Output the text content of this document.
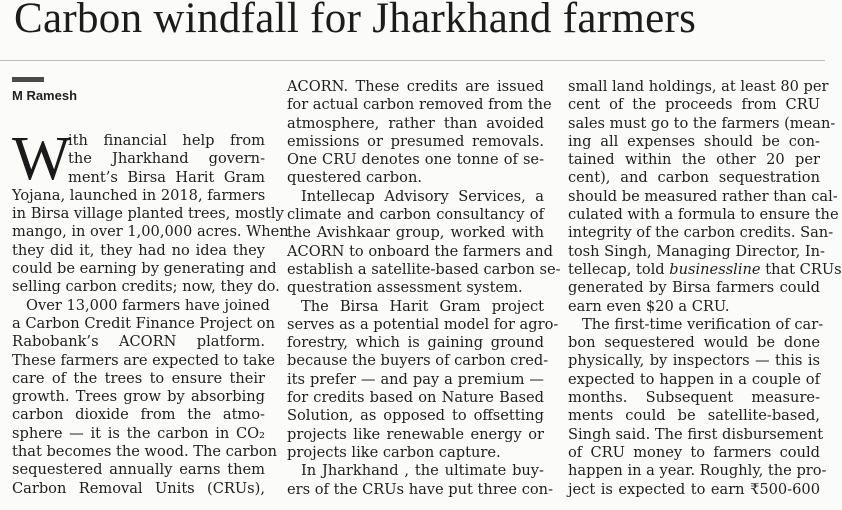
Carbon windfall for Jharkhand farmers
M Ramesh
W
ith financial help from
the Jharkhand govern-
ment’s Birsa Harit Gram
Yojana, launched in 2018, farmers
in Birsa village planted trees, mostly
mango, in over 1,00,000 acres. When
they did it, they had no idea they
could be earning by generating and
selling carbon credits; now, they do.
Over 13,000 farmers have joined
a Carbon Credit Finance Project on
Rabobank’s ACORN platform.
These farmers are expected to take
care of the trees to ensure their
growth. Trees grow by absorbing
carbon dioxide from the atmo-
sphere — it is the carbon in CO₂
that becomes the wood. The carbon
sequestered annually earns them
Carbon Removal Units (CRUs),
ACORN. These credits are issued
for actual carbon removed from the
atmosphere, rather than avoided
emissions or presumed removals.
One CRU denotes one tonne of se-
questered carbon.
Intellecap Advisory Services, a
climate and carbon consultancy of
the Avishkaar group, worked with
ACORN to onboard the farmers and
establish a satellite-based carbon se-
questration assessment system.
The Birsa Harit Gram project
serves as a potential model for agro-
forestry, which is gaining ground
because the buyers of carbon cred-
its prefer — and pay a premium —
for credits based on Nature Based
Solution, as opposed to offsetting
projects like renewable energy or
projects like carbon capture.
In Jharkhand , the ultimate buy-
ers of the CRUs have put three con-
small land holdings, at least 80 per
cent of the proceeds from CRU
sales must go to the farmers (mean-
ing all expenses should be con-
tained within the other 20 per
cent), and carbon sequestration
should be measured rather than cal-
culated with a formula to ensure the
integrity of the carbon credits. San-
tosh Singh, Managing Director, In-
tellecap, told businessline that CRUs
generated by Birsa farmers could
earn even $20 a CRU.
The first-time verification of car-
bon sequestered would be done
physically, by inspectors — this is
expected to happen in a couple of
months. Subsequent measure-
ments could be satellite-based,
Singh said. The first disbursement
of CRU money to farmers could
happen in a year. Roughly, the pro-
ject is expected to earn ₹500-600
